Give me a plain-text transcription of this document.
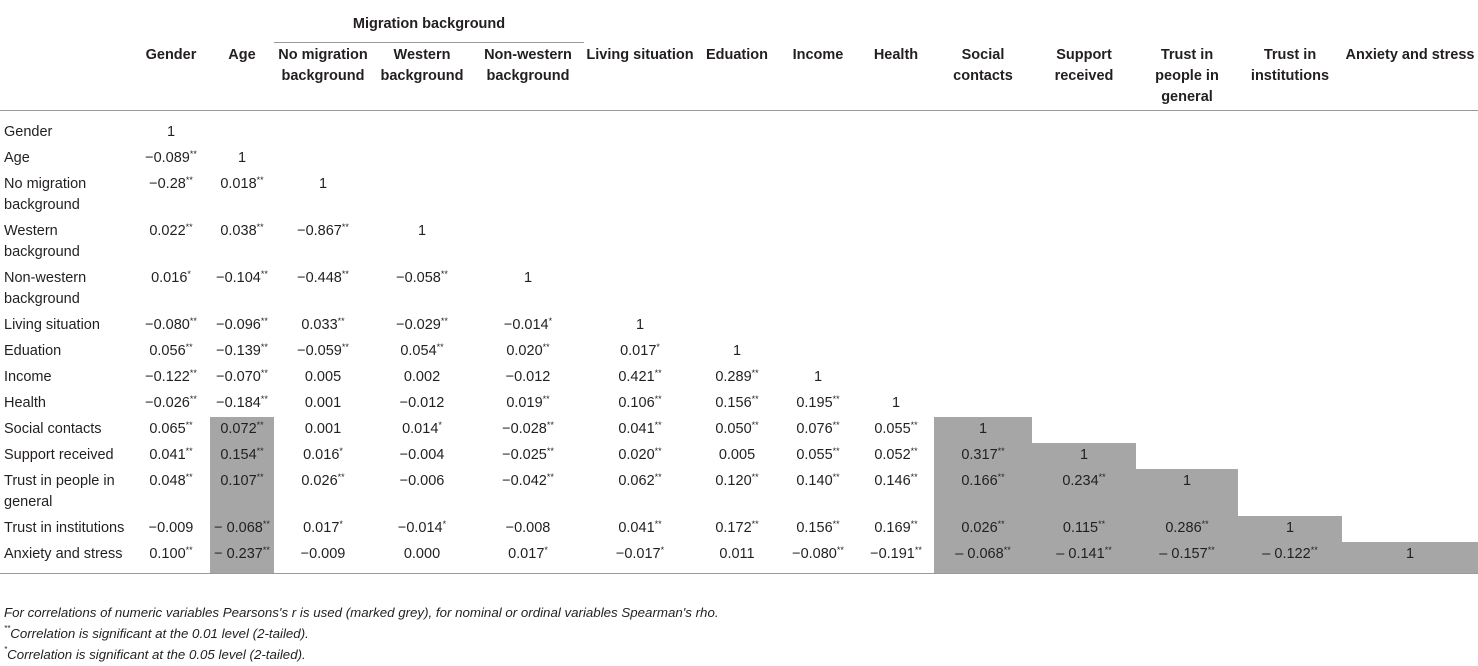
			Migration background											
	Gender	Age	No migration background	Western background	Non-western background	Living situation	Eduation	Income	Health	Social contacts	Support received	Trust in people in general	Trust in institutions	Anxiety and stress
Gender	1													
Age	−0.089**	1												
No migration background	−0.28**	0.018**	1											
Western background	0.022**	0.038**	−0.867**	1										
Non-western background	0.016*	−0.104**	−0.448**	−0.058**	1									
Living situation	−0.080**	−0.096**	0.033**	−0.029**	−0.014*	1								
Eduation	0.056**	−0.139**	−0.059**	0.054**	0.020**	0.017*	1							
Income	−0.122**	−0.070**	0.005	0.002	−0.012	0.421**	0.289**	1						
Health	−0.026**	−0.184**	0.001	−0.012	0.019**	0.106**	0.156**	0.195**	1					
Social contacts	0.065**	0.072**	0.001	0.014*	−0.028**	0.041**	0.050**	0.076**	0.055**	1				
Support received	0.041**	0.154**	0.016*	−0.004	−0.025**	0.020**	0.005	0.055**	0.052**	0.317**	1			
Trust in people in general	0.048**	0.107**	0.026**	−0.006	−0.042**	0.062**	0.120**	0.140**	0.146**	0.166**	0.234**	1		
Trust in institutions	−0.009	− 0.068**	0.017*	−0.014*	−0.008	0.041**	0.172**	0.156**	0.169**	0.026**	0.115**	0.286**	1	
Anxiety and stress	0.100**	− 0.237**	−0.009	0.000	0.017*	−0.017*	0.011	−0.080**	−0.191**	– 0.068**	– 0.141**	– 0.157**	– 0.122**	1
For correlations of numeric variables Pearsons's r is used (marked grey), for nominal or ordinal variables Spearman's rho.
**Correlation is significant at the 0.01 level (2-tailed).
*Correlation is significant at the 0.05 level (2-tailed).
